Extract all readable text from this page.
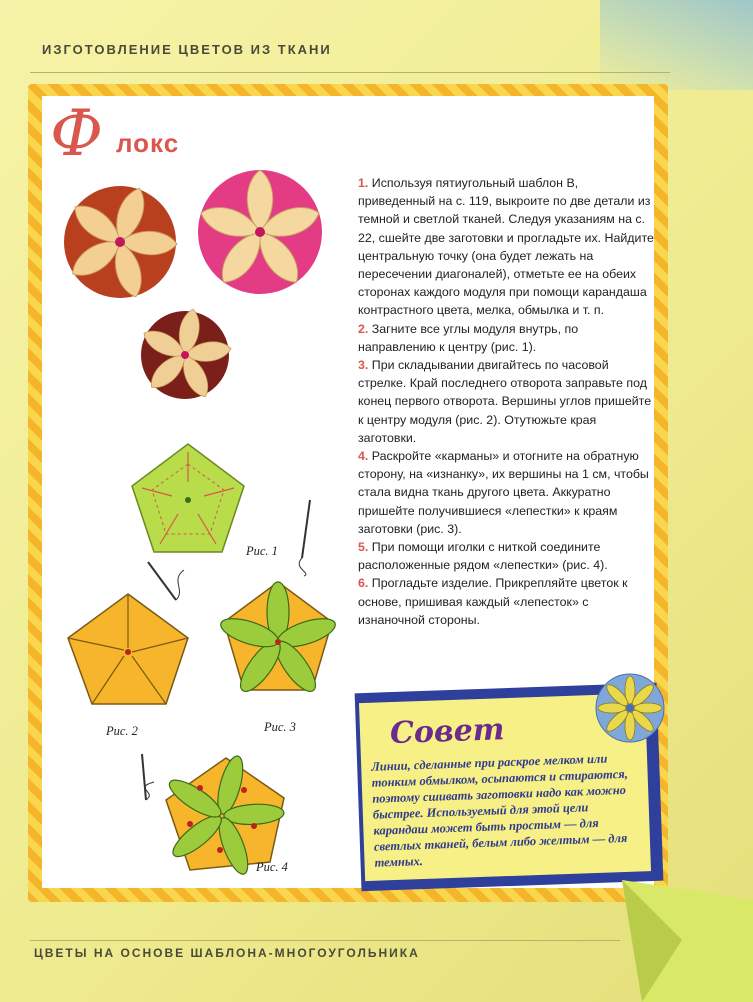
ИЗГОТОВЛЕНИЕ ЦВЕТОВ ИЗ ТКАНИ
Ф локс
Рис. 1
Рис. 2	Рис. 3
Рис. 4

1. Используя пятиугольный шаблон В, приведенный на с. 119, выкроите по две детали из темной и светлой тканей. Следуя указаниям на с. 22, сшейте две заготовки и прогладьте их. Найдите центральную точку (она будет лежать на пересечении диагоналей), отметьте ее на обеих сторонах каждого модуля при помощи карандаша контрастного цвета, мелка, обмылка и т. п.

2. Загните все углы модуля внутрь, по направлению к центру (рис. 1).

3. При складывании двигайтесь по часовой стрелке. Край последнего отворота заправьте под конец первого отворота. Вершины углов пришейте к центру модуля (рис. 2). Отутюжьте края заготовки.

4. Раскройте «карманы» и отогните на обратную сторону, на «изнанку», их вершины на 1 см, чтобы стала видна ткань другого цвета. Аккуратно пришейте получившиеся «лепестки» к краям заготовки (рис. 3).

5. При помощи иголки с ниткой соедините расположенные рядом «лепестки» (рис. 4).

6. Прогладьте изделие. Прикрепляйте цветок к основе, пришивая каждый «лепесток» с изнаночной стороны.

Совет
Линии, сделанные при раскрое мелком или тонким обмылком, осыпаются и стираются, поэтому сшивать заготовки надо как можно быстрее. Используемый для этой цели карандаш может быть простым — для светлых тканей, белым либо желтым — для темных.
ЦВЕТЫ НА ОСНОВЕ ШАБЛОНА-МНОГОУГОЛЬНИКА
